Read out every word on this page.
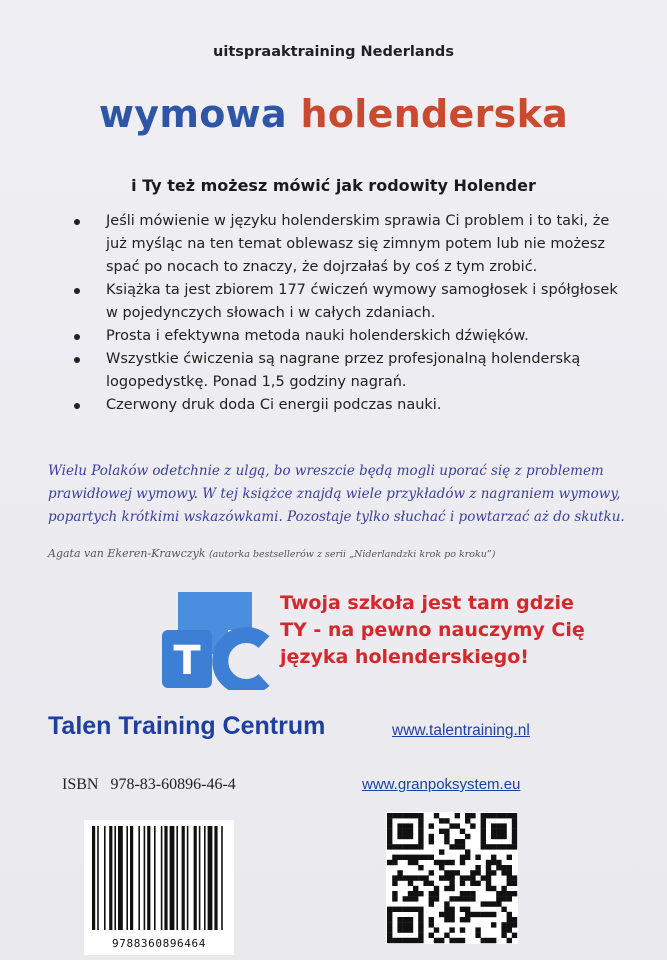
uitspraaktraining Nederlands
wymowa holenderska
i Ty też możesz mówić jak rodowity Holender
Jeśli mówienie w języku holenderskim sprawia Ci problem i to taki, że już myśląc na ten temat oblewasz się zimnym potem lub nie możesz spać po nocach to znaczy, że dojrzałaś by coś z tym zrobić.
Książka ta jest zbiorem 177 ćwiczeń wymowy samogłosek i spółgłosek w pojedynczych słowach i w całych zdaniach.
Prosta i efektywna metoda nauki holenderskich dźwięków.
Wszystkie ćwiczenia są nagrane przez profesjonalną holenderską logopedystkę. Ponad 1,5 godziny nagrań.
Czerwony druk doda Ci energii podczas nauki.
Wielu Polaków odetchnie z ulgą, bo wreszcie będą mogli uporać się z problemem prawidłowej wymowy. W tej książce znajdą wiele przykładów z nagraniem wymowy, popartych krótkimi wskazówkami. Pozostaje tylko słuchać i powtarzać aż do skutku.
Agata van Ekeren-Krawczyk (autorka bestsellerów z serii „Niderlandzki krok po kroku”)
T
Twoja szkoła jest tam gdzie
TY - na pewno nauczymy Cię
języka holenderskiego!
Talen Training Centrum	www.talentraining.nl
ISBN 978-83-60896-46-4	www.granpoksystem.eu
9788360896464
